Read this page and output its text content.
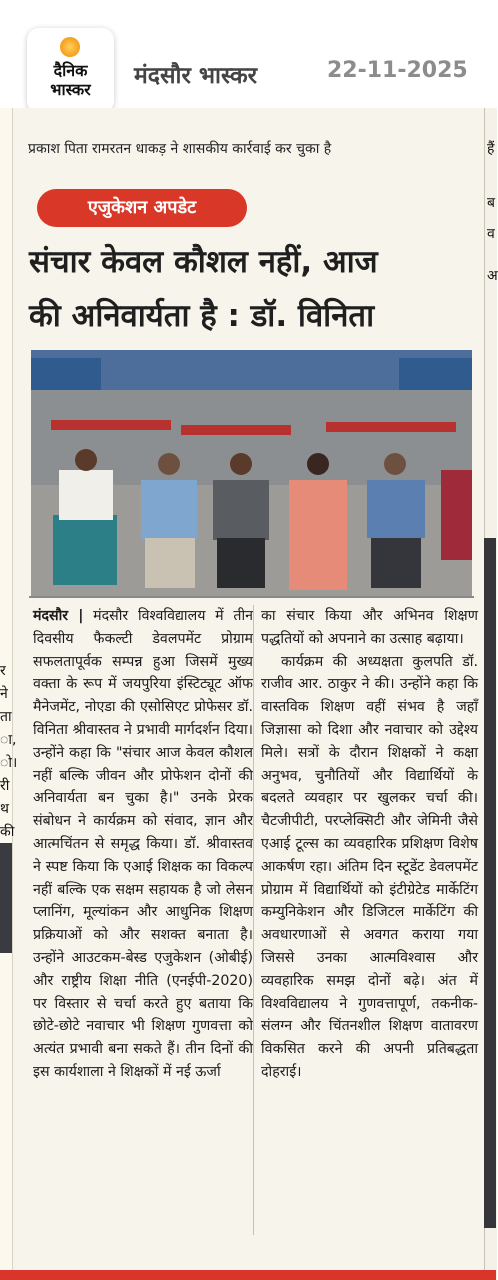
दैनिक
भास्कर
मंदसौर भास्कर	22-11-2025
प्रकाश पिता रामरतन धाकड़ ने शासकीय कार्रवाई कर चुका है
र
ने
ता
ा,
ो।
री
थ
की
हैं
ब
व
अ
एजुकेशन अपडेट
संचार केवल कौशल नहीं, आज
की अनिवार्यता है : डॉ. विनिता
मंदसौर | मंदसौर विश्वविद्यालय में तीन दिवसीय फैकल्टी डेवलपमेंट प्रोग्राम सफलतापूर्वक सम्पन्न हुआ जिसमें मुख्य वक्ता के रूप में जयपुरिया इंस्टिट्यूट ऑफ मैनेजमेंट, नोएडा की एसोसिएट प्रोफेसर डॉ. विनिता श्रीवास्तव ने प्रभावी मार्गदर्शन दिया। उन्होंने कहा कि "संचार आज केवल कौशल नहीं बल्कि जीवन और प्रोफेशन दोनों की अनिवार्यता बन चुका है।" उनके प्रेरक संबोधन ने कार्यक्रम को संवाद, ज्ञान और आत्मचिंतन से समृद्ध किया। डॉ. श्रीवास्तव ने स्पष्ट किया कि एआई शिक्षक का विकल्प नहीं बल्कि एक सक्षम सहायक है जो लेसन प्लानिंग, मूल्यांकन और आधुनिक शिक्षण प्रक्रियाओं को और सशक्त बनाता है। उन्होंने आउटकम-बेस्ड एजुकेशन (ओबीई) और राष्ट्रीय शिक्षा नीति (एनईपी-2020) पर विस्तार से चर्चा करते हुए बताया कि छोटे-छोटे नवाचार भी शिक्षण गुणवत्ता को अत्यंत प्रभावी बना सकते हैं। तीन दिनों की इस कार्यशाला ने शिक्षकों में नई ऊर्जा
का संचार किया और अभिनव शिक्षण पद्धतियों को अपनाने का उत्साह बढ़ाया।
कार्यक्रम की अध्यक्षता कुलपति डॉ. राजीव आर. ठाकुर ने की। उन्होंने कहा कि वास्तविक शिक्षण वहीं संभव है जहाँ जिज्ञासा को दिशा और नवाचार को उद्देश्य मिले। सत्रों के दौरान शिक्षकों ने कक्षा अनुभव, चुनौतियों और विद्यार्थियों के बदलते व्यवहार पर खुलकर चर्चा की। चैटजीपीटी, परप्लेक्सिटी और जेमिनी जैसे एआई टूल्स का व्यवहारिक प्रशिक्षण विशेष आकर्षण रहा। अंतिम दिन स्टूडेंट डेवलपमेंट प्रोग्राम में विद्यार्थियों को इंटीग्रेटेड मार्केटिंग कम्युनिकेशन और डिजिटल मार्केटिंग की अवधारणाओं से अवगत कराया गया जिससे उनका आत्मविश्वास और व्यवहारिक समझ दोनों बढ़े। अंत में विश्वविद्यालय ने गुणवत्तापूर्ण, तकनीक-संलग्न और चिंतनशील शिक्षण वातावरण विकसित करने की अपनी प्रतिबद्धता दोहराई।
